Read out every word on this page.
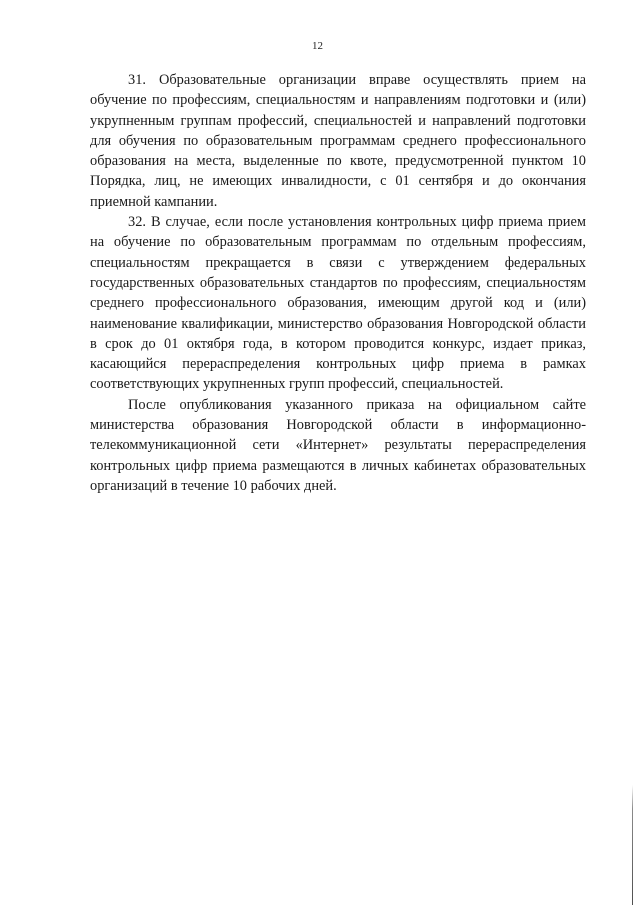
12

31. Образовательные организации вправе осуществлять прием на обучение по профессиям, специальностям и направлениям подготовки и (или) укрупненным группам профессий, специальностей и направлений подготовки для обучения по образовательным программам среднего профессионального образования на места, выделенные по квоте, предусмотренной пунктом 10 Порядка, лиц, не имеющих инвалидности, с 01 сентября и до окончания приемной кампании.

32. В случае, если после установления контрольных цифр приема прием на обучение по образовательным программам по отдельным профессиям, специальностям прекращается в связи с утверждением федеральных государственных образовательных стандартов по профессиям, специальностям среднего профессионального образования, имеющим другой код и (или) наименование квалификации, министерство образования Новгородской области в срок до 01 октября года, в котором проводится конкурс, издает приказ, касающийся перераспределения контрольных цифр приема в рамках соответствующих укрупненных групп профессий, специальностей.

После опубликования указанного приказа на официальном сайте министерства образования Новгородской области в информационно-телекоммуникационной сети «Интернет» результаты перераспределения контрольных цифр приема размещаются в личных кабинетах образовательных организаций в течение 10 рабочих дней.
